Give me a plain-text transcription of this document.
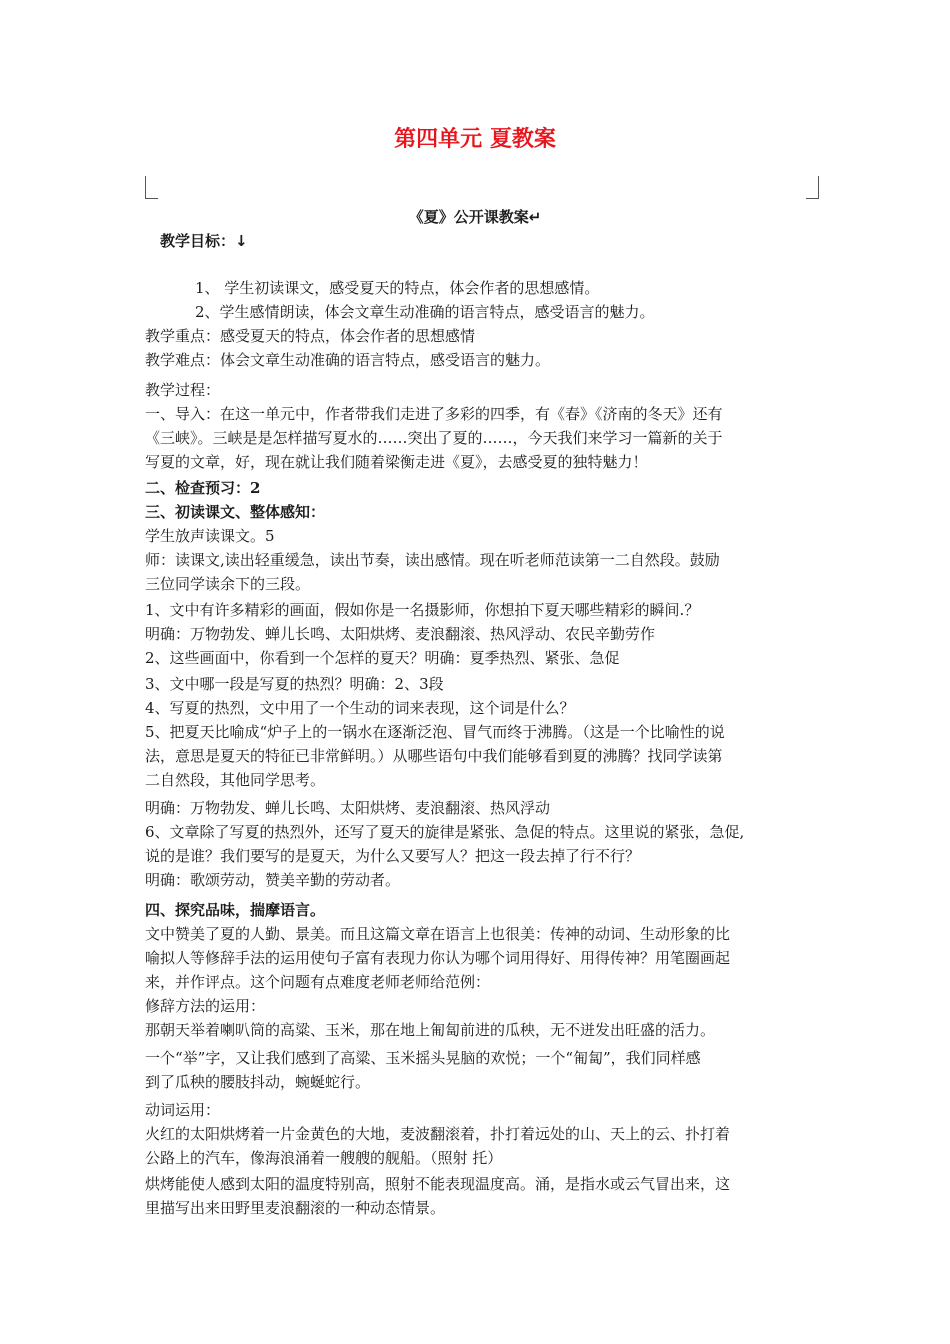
第四单元 夏教案
《夏》公开课教案↵
教学目标：↓
1、 学生初读课文，感受夏天的特点，体会作者的思想感情。
2、学生感情朗读，体会文章生动准确的语言特点，感受语言的魅力。
教学重点：感受夏天的特点，体会作者的思想感情
教学难点：体会文章生动准确的语言特点，感受语言的魅力。
教学过程：
一、导入：在这一单元中，作者带我们走进了多彩的四季，有《春》《济南的冬天》还有
《三峡》。三峡是是怎样描写夏水的……突出了夏的……，今天我们来学习一篇新的关于
写夏的文章，好，现在就让我们随着梁衡走进《夏》，去感受夏的独特魅力！
二、检查预习：2
三、初读课文、整体感知：
学生放声读课文。5
师：读课文,读出轻重缓急，读出节奏，读出感情。现在听老师范读第一二自然段。鼓励
三位同学读余下的三段。
1、文中有许多精彩的画面，假如你是一名摄影师，你想拍下夏天哪些精彩的瞬间.？
明确：万物勃发、蝉儿长鸣、太阳烘烤、麦浪翻滚、热风浮动、农民辛勤劳作
2、这些画面中，你看到一个怎样的夏天？明确：夏季热烈、紧张、急促
3、文中哪一段是写夏的热烈？明确：2、3段
4、写夏的热烈，文中用了一个生动的词来表现，这个词是什么？
5、把夏天比喻成“炉子上的一锅水在逐渐泛泡、冒气而终于沸腾。（这是一个比喻性的说
法，意思是夏天的特征已非常鲜明。）从哪些语句中我们能够看到夏的沸腾？找同学读第
二自然段，其他同学思考。
明确：万物勃发、蝉儿长鸣、太阳烘烤、麦浪翻滚、热风浮动
6、文章除了写夏的热烈外，还写了夏天的旋律是紧张、急促的特点。这里说的紧张，急促,
说的是谁？我们要写的是夏天，为什么又要写人？把这一段去掉了行不行？
明确：歌颂劳动，赞美辛勤的劳动者。
四、探究品味，揣摩语言。
文中赞美了夏的人勤、景美。而且这篇文章在语言上也很美：传神的动词、生动形象的比
喻拟人等修辞手法的运用使句子富有表现力你认为哪个词用得好、用得传神？用笔圈画起
来，并作评点。这个问题有点难度老师老师给范例：
修辞方法的运用：
那朝天举着喇叭筒的高粱、玉米，那在地上匍匐前进的瓜秧，无不迸发出旺盛的活力。
一个“举”字，又让我们感到了高粱、玉米摇头晃脑的欢悦；一个“匍匐”，我们同样感
到了瓜秧的腰肢抖动，蜿蜒蛇行。
动词运用：
火红的太阳烘烤着一片金黄色的大地，麦波翻滚着，扑打着远处的山、天上的云、扑打着
公路上的汽车，像海浪涌着一艘艘的舰船。（照射 托）
烘烤能使人感到太阳的温度特别高，照射不能表现温度高。涌，是指水或云气冒出来，这
里描写出来田野里麦浪翻滚的一种动态情景。
